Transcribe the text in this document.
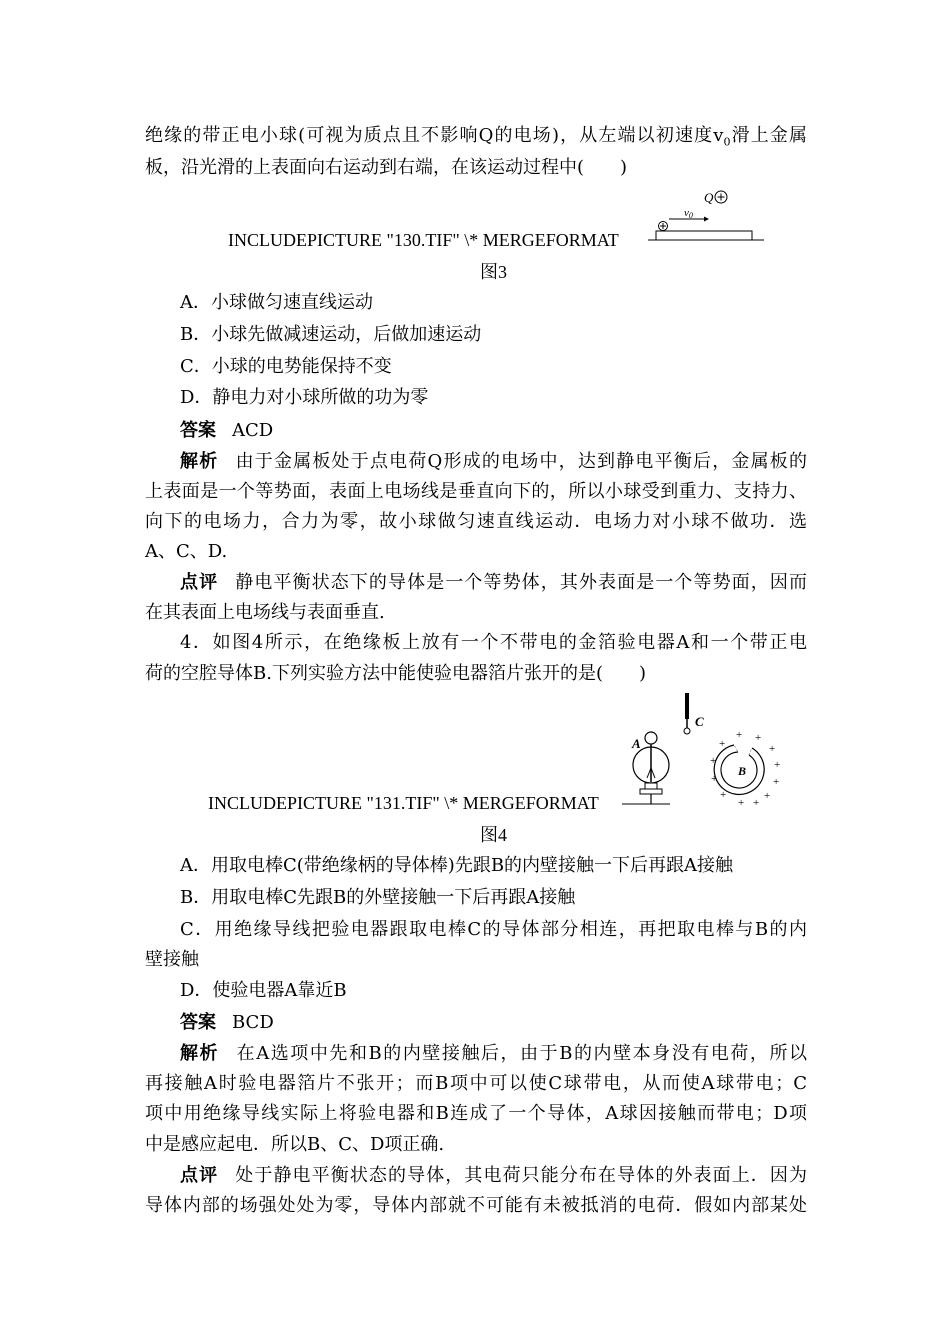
绝缘的带正电小球(可视为质点且不影响Q的电场)，从左端以初速度$v_0$滑上金属
板，沿光滑的上表面向右运动到右端，在该运动过程中(　　)
INCLUDEPICTURE "130.TIF" \* MERGEFORMAT
Q
v0
图3
A．小球做匀速直线运动
B．小球先做减速运动，后做加速运动
C．小球的电势能保持不变
D．静电力对小球所做的功为零
答案 ACD
解析 由于金属板处于点电荷Q形成的电场中，达到静电平衡后，金属板的
上表面是一个等势面，表面上电场线是垂直向下的，所以小球受到重力、支持力、
向下的电场力，合力为零，故小球做匀速直线运动．电场力对小球不做功．选
A、C、D.
点评 静电平衡状态下的导体是一个等势体，其外表面是一个等势面，因而
在其表面上电场线与表面垂直.
4．如图4所示，在绝缘板上放有一个不带电的金箔验电器A和一个带正电
荷的空腔导体B.下列实验方法中能使验电器箔片张开的是(　　)
C
A
B
+ +
+	+
+	+
+	+
+	+
+ +
INCLUDEPICTURE "131.TIF" \* MERGEFORMAT
图4
A．用取电棒C(带绝缘柄的导体棒)先跟B的内壁接触一下后再跟A接触
B．用取电棒C先跟B的外壁接触一下后再跟A接触
C．用绝缘导线把验电器跟取电棒C的导体部分相连，再把取电棒与B的内
壁接触
D．使验电器A靠近B
答案 BCD
解析 在A选项中先和B的内壁接触后，由于B的内壁本身没有电荷，所以
再接触A时验电器箔片不张开；而B项中可以使C球带电，从而使A球带电；C
项中用绝缘导线实际上将验电器和B连成了一个导体，A球因接触而带电；D项
中是感应起电．所以B、C、D项正确.
点评 处于静电平衡状态的导体，其电荷只能分布在导体的外表面上．因为
导体内部的场强处处为零，导体内部就不可能有未被抵消的电荷．假如内部某处
